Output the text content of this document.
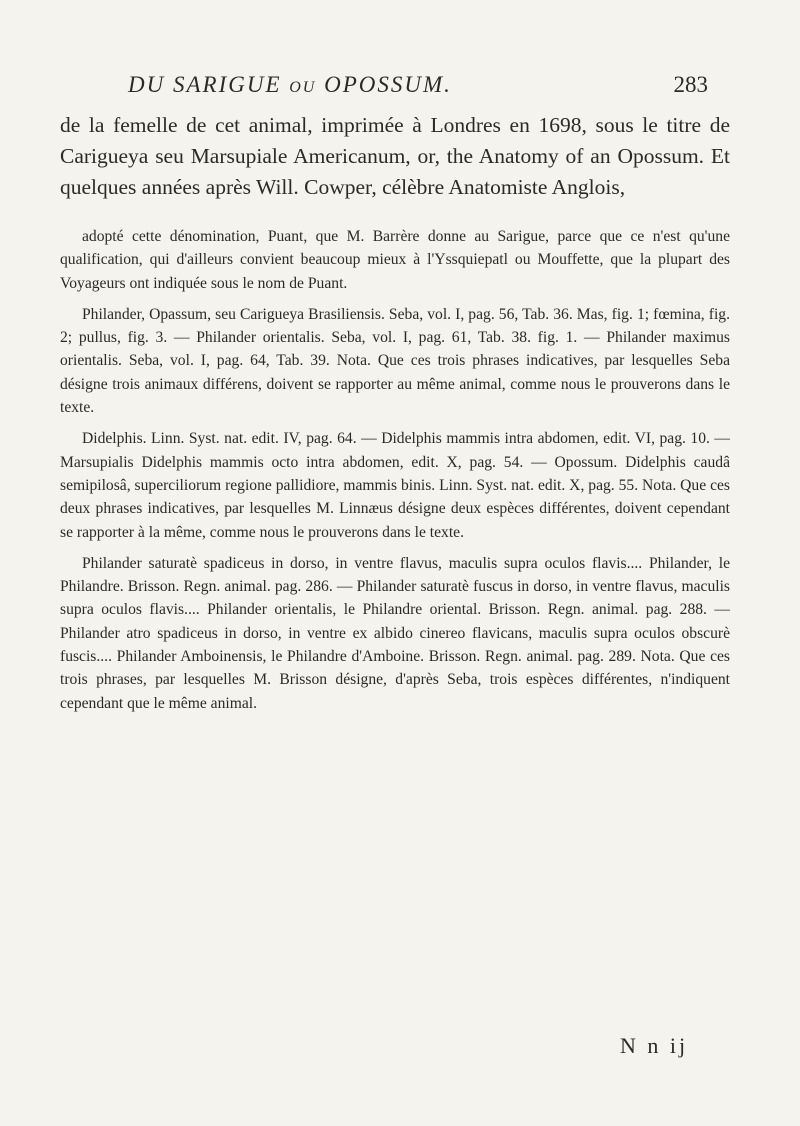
DU SARIGUE ou OPOSSUM.	283

de la femelle de cet animal, imprimée à Londres en 1698, sous le titre de Carigueya seu Marsupiale Americanum, or, the Anatomy of an Opossum. Et quelques années après Will. Cowper, célèbre Anatomiste Anglois,

adopté cette dénomination, Puant, que M. Barrère donne au Sarigue, parce que ce n'est qu'une qualification, qui d'ailleurs convient beaucoup mieux à l'Yssquiepatl ou Mouffette, que la plupart des Voyageurs ont indiquée sous le nom de Puant.

Philander, Opassum, seu Carigueya Brasiliensis. Seba, vol. I, pag. 56, Tab. 36. Mas, fig. 1; fœmina, fig. 2; pullus, fig. 3. — Philander orientalis. Seba, vol. I, pag. 61, Tab. 38. fig. 1. — Philander maximus orientalis. Seba, vol. I, pag. 64, Tab. 39. Nota. Que ces trois phrases indicatives, par lesquelles Seba désigne trois animaux différens, doivent se rapporter au même animal, comme nous le prouverons dans le texte.

Didelphis. Linn. Syst. nat. edit. IV, pag. 64. — Didelphis mammis intra abdomen, edit. VI, pag. 10. — Marsupialis Didelphis mammis octo intra abdomen, edit. X, pag. 54. — Opossum. Didelphis caudâ semipilosâ, superciliorum regione pallidiore, mammis binis. Linn. Syst. nat. edit. X, pag. 55. Nota. Que ces deux phrases indicatives, par lesquelles M. Linnæus désigne deux espèces différentes, doivent cependant se rapporter à la même, comme nous le prouverons dans le texte.

Philander saturatè spadiceus in dorso, in ventre flavus, maculis supra oculos flavis.... Philander, le Philandre. Brisson. Regn. animal. pag. 286. — Philander saturatè fuscus in dorso, in ventre flavus, maculis supra oculos flavis.... Philander orientalis, le Philandre oriental. Brisson. Regn. animal. pag. 288. — Philander atro spadiceus in dorso, in ventre ex albido cinereo flavicans, maculis supra oculos obscurè fuscis.... Philander Amboinensis, le Philandre d'Amboine. Brisson. Regn. animal. pag. 289. Nota. Que ces trois phrases, par lesquelles M. Brisson désigne, d'après Seba, trois espèces différentes, n'indiquent cependant que le même animal.

N n ij
